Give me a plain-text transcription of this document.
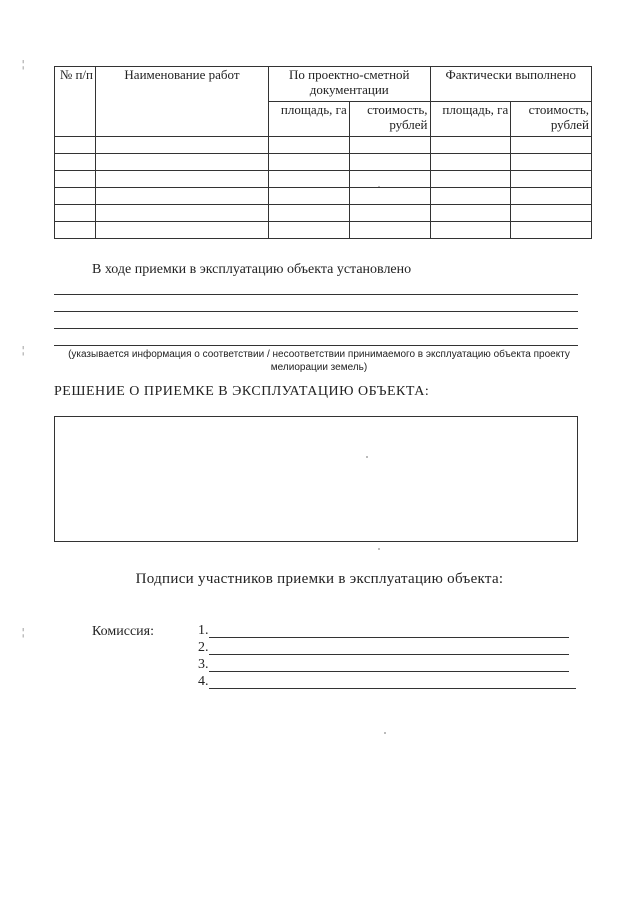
¦
¦
¦
№ п/п	Наименование работ	По проектно-сметной документации		Фактически выполнено	
		площадь, га	стоимость, рублей	площадь, га	стоимость, рублей

В ходе приемки в эксплуатацию объекта установлено
(указывается информация о соответствии / несоответствии принимаемого в эксплуатацию объекта проекту мелиорации земель)
РЕШЕНИЕ О ПРИЕМКЕ В ЭКСПЛУАТАЦИЮ ОБЪЕКТА:
Подписи участников приемки в эксплуатацию объекта:
Комиссия:	1.
2.
3.
4.
